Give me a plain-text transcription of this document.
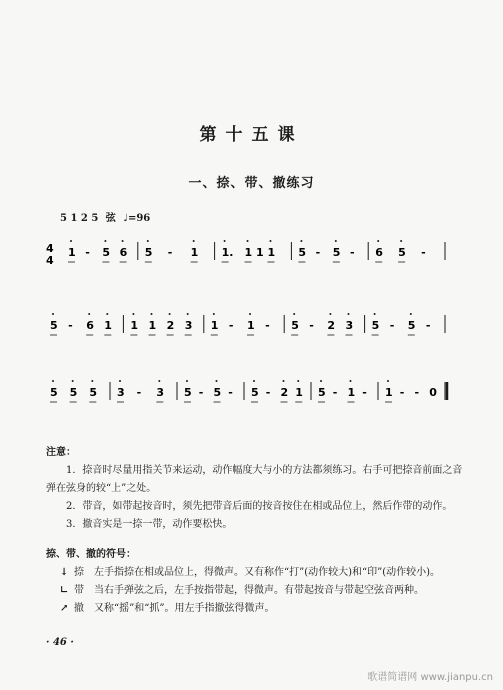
第十五课
一、捺、带、撤练习
5 1 2 5 弦 ♩=96
4
4
1 - 5 6 5 - 1 1. 1 1 1 5 - 5 - 6 5 -
5 - 6 1 1 1 2 3 1 - 1 - 5 - 2 3 5 - 5 -
5 5 5 3 - 3 5 - 5 - 5 - 2 1 5 - 1 - 1 - - 0

注意：

1．捺音时尽量用指关节来运动，动作幅度大与小的方法都须练习。右手可把捺音前面之音弹在弦身的较“上”之处。

2．带音，如带起按音时，须先把带音后面的按音按住在相或品位上，然后作带的动作。

3．撤音实是一捺一带，动作要松快。

捺、带、撤的符号：

↓ 捺　左手指捺在相或品位上，得微声。又有称作“打”(动作较大)和“印”(动作较小)。

∟ 带　当右手弹弦之后，左手按指带起，得微声。有带起按音与带起空弦音两种。

↗ 撤　又称“摇”和“抓”。用左手指撤弦得微声。

· 46 ·
歌谱简谱网 www.jianpu.cn
